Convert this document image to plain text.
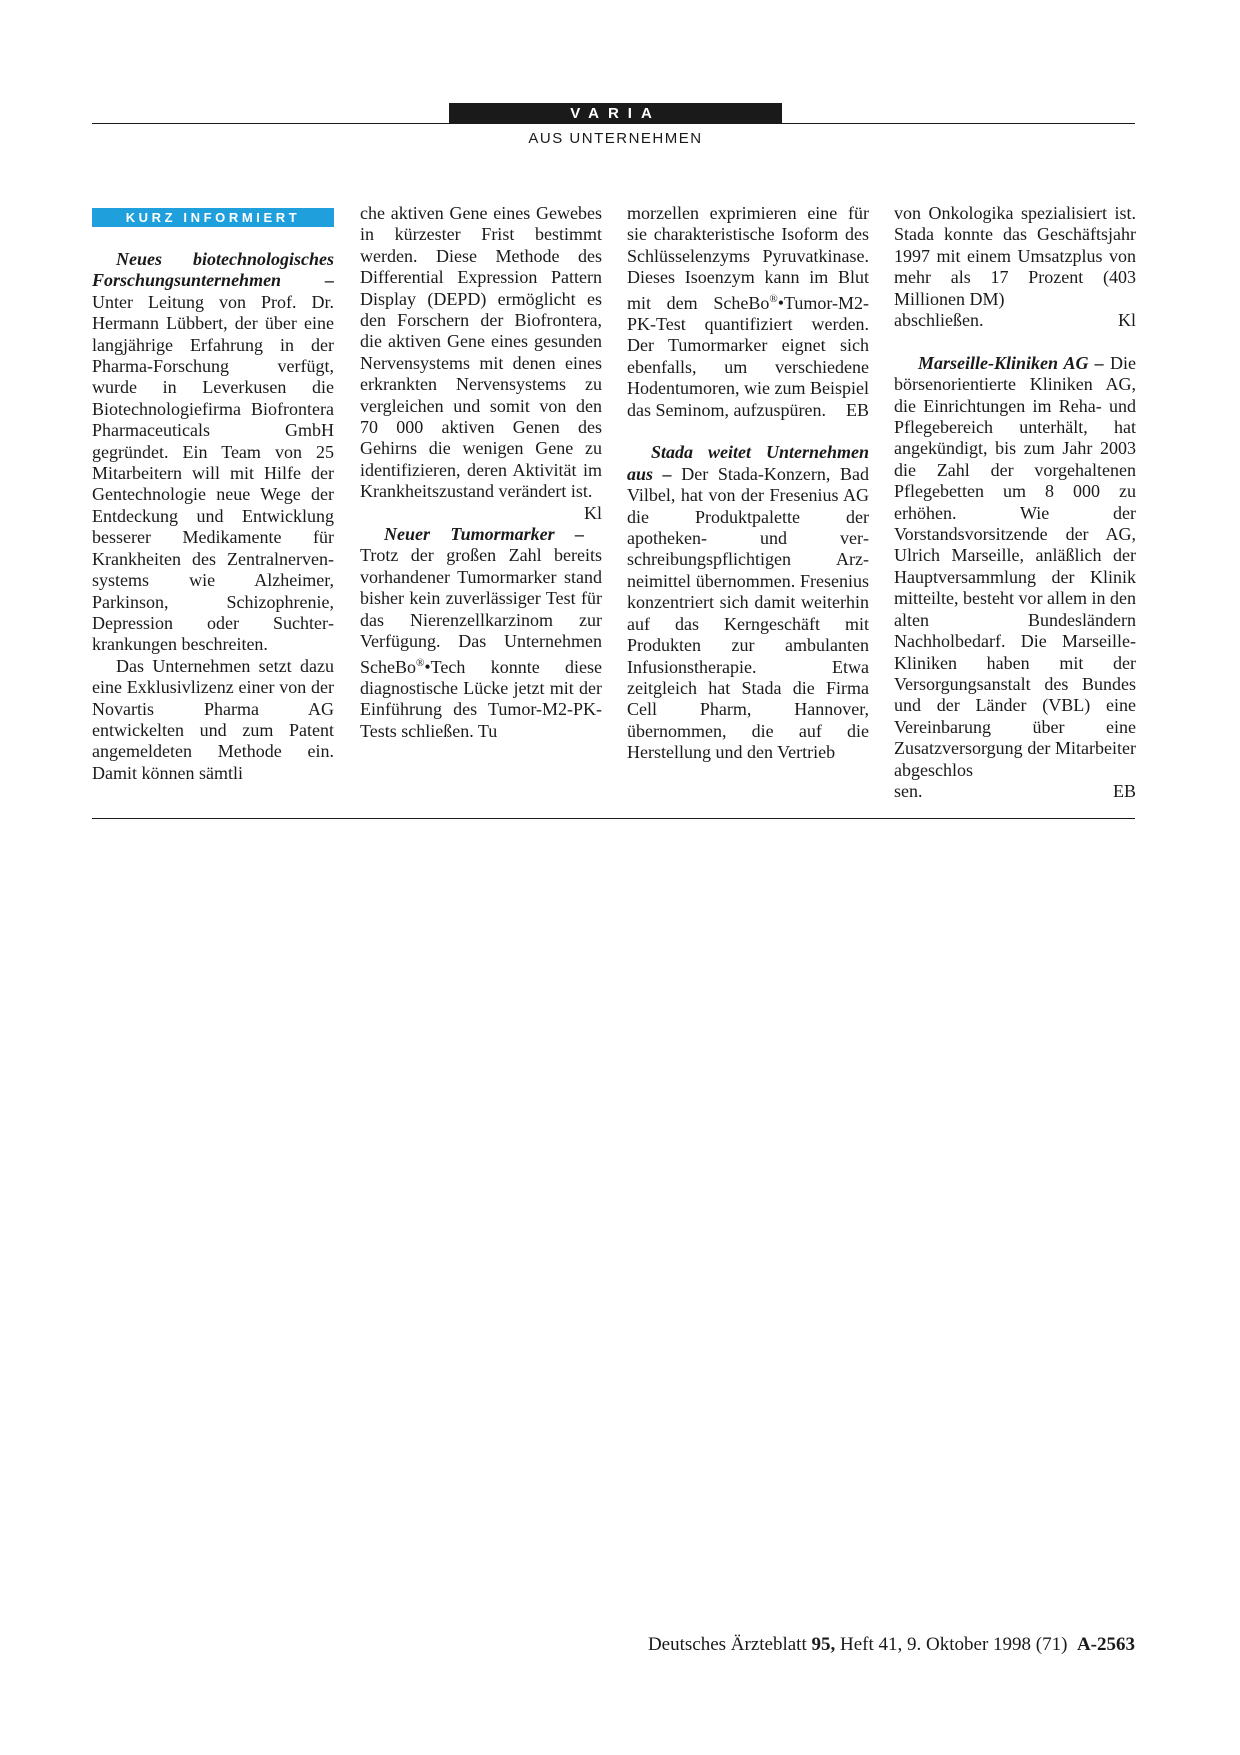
VARIA
AUS UNTERNEHMEN
KURZ INFORMIERT

Neues biotechnologisches Forschungsunternehmen – Unter Leitung von Prof. Dr. Hermann Lübbert, der über eine langjährige Erfahrung in der Pharma-Forschung verfügt, wurde in Leverkusen die Biotechnologiefirma Biofrontera Pharmaceuticals GmbH gegründet. Ein Team von 25 Mitarbeitern will mit Hilfe der Gentechnologie neue Wege der Entdeckung und Entwicklung besserer Medikamente für Krankheiten des Zentralnervensystems wie Alzheimer, Parkinson, Schizophrenie, Depression oder Suchterkrankungen beschreiten.

Das Unternehmen setzt dazu eine Exklusivlizenz einer von der Novartis Pharma AG entwickelten und zum Patent angemeldeten Methode ein. Damit können sämtli

che aktiven Gene eines Gewebes in kürzester Frist bestimmt werden. Diese Methode des Differential Expression Pattern Display (DEPD) ermöglicht es den Forschern der Biofrontera, die aktiven Gene eines gesunden Nervensystems mit denen eines erkrankten Nervensystems zu vergleichen und somit von den 70 000 aktiven Genen des Gehirns die wenigen Gene zu identifizieren, deren Aktivität im Krankheitszustand verändert ist.
Kl

Neuer Tumormarker – Trotz der großen Zahl bereits vorhandener Tumormarker stand bisher kein zuverlässiger Test für das Nierenzellkarzinom zur Verfügung. Das Unternehmen ScheBo®•Tech konnte diese diagnostische Lücke jetzt mit der Einführung des Tumor-M2-PK-Tests schließen. Tu

morzellen exprimieren eine für sie charakteristische Isoform des Schlüsselenzyms Pyruvatkinase. Dieses Isoenzym kann im Blut mit dem ScheBo®•Tumor-M2-PK-Test quantifiziert werden. Der Tumormarker eignet sich ebenfalls, um verschiedene Hodentumoren, wie zum Beispiel das Seminom, aufzuspüren. EB

Stada weitet Unternehmen aus – Der Stada-Konzern, Bad Vilbel, hat von der Fresenius AG die Produktpalette der apotheken- und verschreibungspflichtigen Arzneimittel übernommen. Fresenius konzentriert sich damit weiterhin auf das Kerngeschäft mit Produkten zur ambulanten Infusionstherapie. Etwa zeitgleich hat Stada die Firma Cell Pharm, Hannover, übernommen, die auf die Herstellung und den Vertrieb

von Onkologika spezialisiert ist. Stada konnte das Geschäftsjahr 1997 mit einem Umsatzplus von mehr als 17 Prozent (403 Millionen DM)

abschließen.	Kl

Marseille-Kliniken AG – Die börsenorientierte Kliniken AG, die Einrichtungen im Reha- und Pflegebereich unterhält, hat angekündigt, bis zum Jahr 2003 die Zahl der vorgehaltenen Pflegebetten um 8 000 zu erhöhen. Wie der Vorstandsvorsitzende der AG, Ulrich Marseille, anläßlich der Hauptversammlung der Klinik mitteilte, besteht vor allem in den alten Bundesländern Nachholbedarf. Die Marseille-Kliniken haben mit der Versorgungsanstalt des Bundes und der Länder (VBL) eine Vereinbarung über eine Zusatzversorgung der Mitarbeiter abgeschlos

sen.	EB
Deutsches Ärzteblatt 95, Heft 41, 9. Oktober 1998 (71) A-2563
